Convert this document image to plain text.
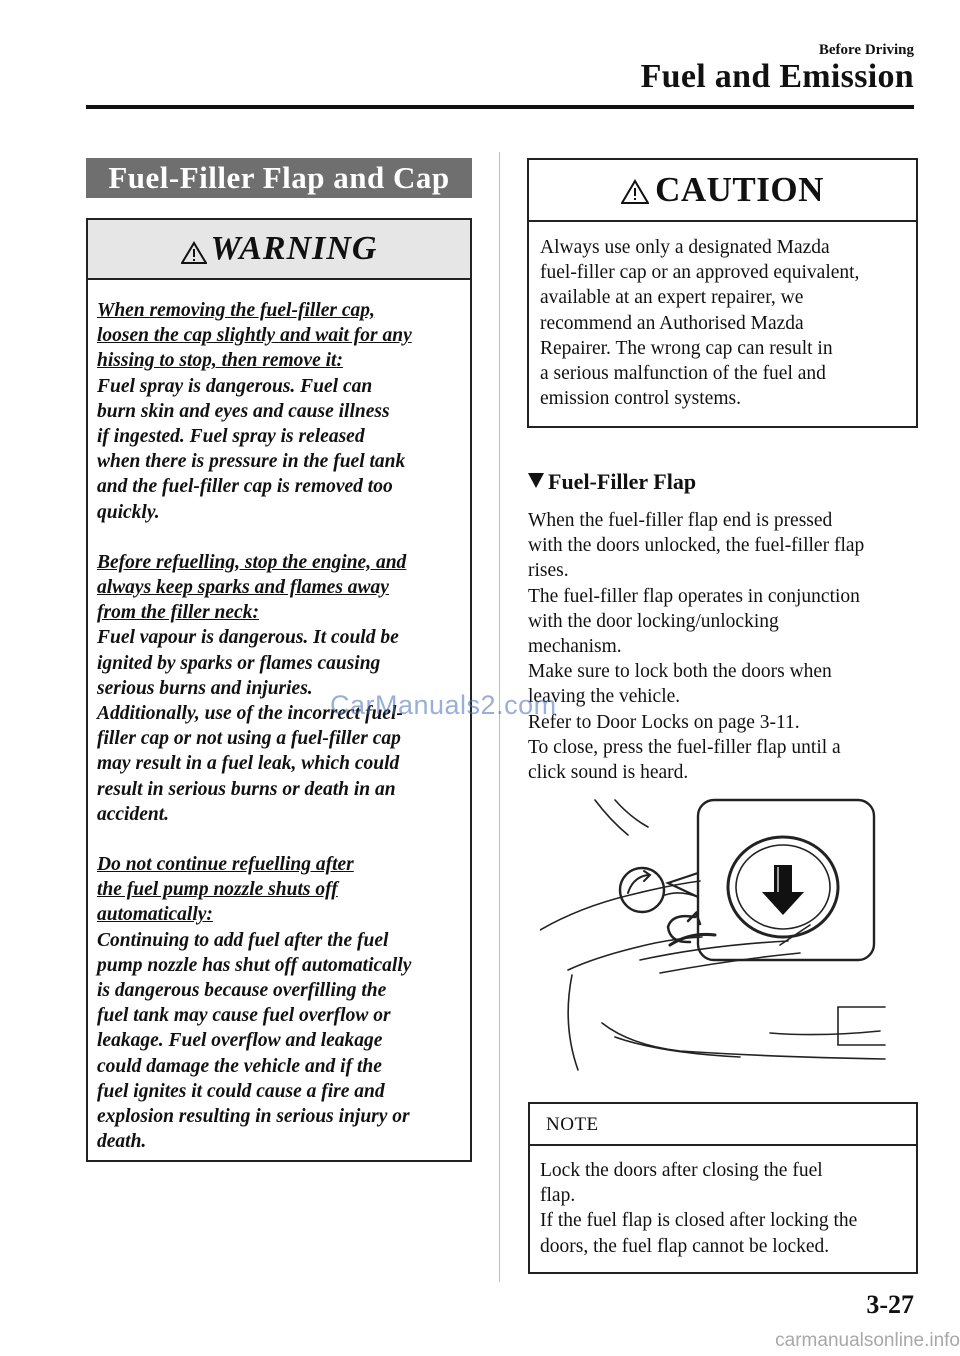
Before Driving
Fuel and Emission
Fuel-Filler Flap and Cap
WARNING
When removing the fuel-filler cap,
loosen the cap slightly and wait for any
hissing to stop, then remove it:
Fuel spray is dangerous. Fuel can
burn skin and eyes and cause illness
if ingested. Fuel spray is released
when there is pressure in the fuel tank
and the fuel-filler cap is removed too
quickly.
Before refuelling, stop the engine, and
always keep sparks and flames away
from the filler neck:
Fuel vapour is dangerous. It could be
ignited by sparks or flames causing
serious burns and injuries.
Additionally, use of the incorrect fuel-
filler cap or not using a fuel-filler cap
may result in a fuel leak, which could
result in serious burns or death in an
accident.
Do not continue refuelling after
the fuel pump nozzle shuts off
automatically:
Continuing to add fuel after the fuel
pump nozzle has shut off automatically
is dangerous because overfilling the
fuel tank may cause fuel overflow or
leakage. Fuel overflow and leakage
could damage the vehicle and if the
fuel ignites it could cause a fire and
explosion resulting in serious injury or
death.
CAUTION
Always use only a designated Mazda
fuel-filler cap or an approved equivalent,
available at an expert repairer, we
recommend an Authorised Mazda
Repairer. The wrong cap can result in
a serious malfunction of the fuel and
emission control systems.
Fuel-Filler Flap

When the fuel-filler flap end is pressed

with the doors unlocked, the fuel-filler flap

rises.

The fuel-filler flap operates in conjunction

with the door locking/unlocking

mechanism.

Make sure to lock both the doors when

leaving the vehicle.

Refer to Door Locks on page 3-11.

To close, press the fuel-filler flap until a

click sound is heard.

NOTE

Lock the doors after closing the fuel

flap.

If the fuel flap is closed after locking the

doors, the fuel flap cannot be locked.

3-27
CarManuals2.com
carmanualsonline.info
